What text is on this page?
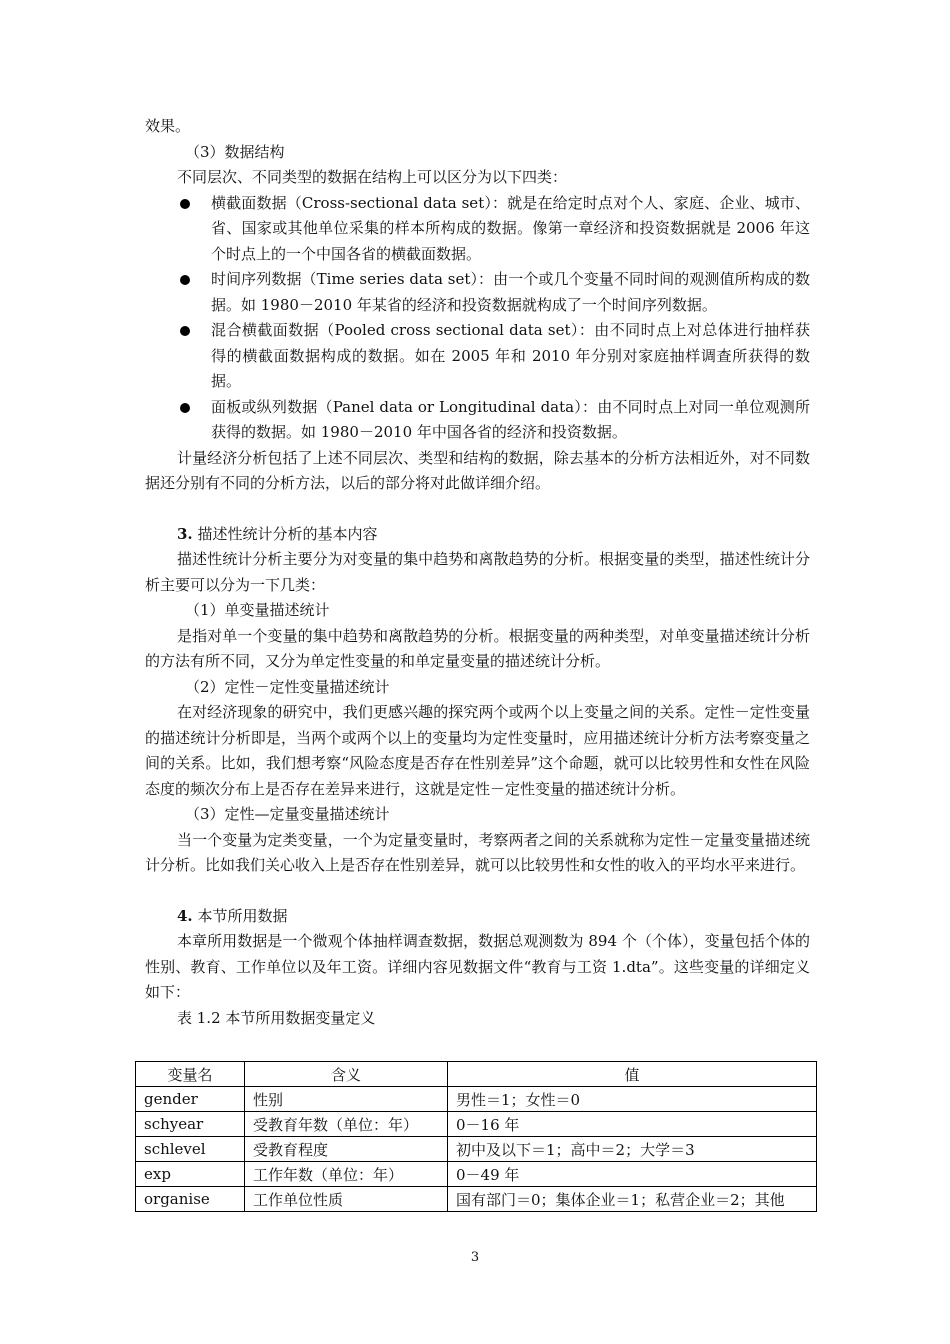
效果。

（3）数据结构

不同层次、不同类型的数据在结构上可以区分为以下四类：

横截面数据（Cross-sectional data set）：就是在给定时点对个人、家庭、企业、城市、省、国家或其他单位采集的样本所构成的数据。像第一章经济和投资数据就是 2006 年这个时点上的一个中国各省的横截面数据。
时间序列数据（Time series data set）：由一个或几个变量不同时间的观测值所构成的数据。如 1980－2010 年某省的经济和投资数据就构成了一个时间序列数据。
混合横截面数据（Pooled cross sectional data set）：由不同时点上对总体进行抽样获得的横截面数据构成的数据。如在 2005 年和 2010 年分别对家庭抽样调查所获得的数据。
面板或纵列数据（Panel data or Longitudinal data）：由不同时点上对同一单位观测所获得的数据。如 1980－2010 年中国各省的经济和投资数据。

计量经济分析包括了上述不同层次、类型和结构的数据，除去基本的分析方法相近外，对不同数据还分别有不同的分析方法，以后的部分将对此做详细介绍。

3. 描述性统计分析的基本内容

描述性统计分析主要分为对变量的集中趋势和离散趋势的分析。根据变量的类型，描述性统计分析主要可以分为一下几类：

（1）单变量描述统计

是指对单一个变量的集中趋势和离散趋势的分析。根据变量的两种类型，对单变量描述统计分析的方法有所不同，又分为单定性变量的和单定量变量的描述统计分析。

（2）定性－定性变量描述统计

在对经济现象的研究中，我们更感兴趣的探究两个或两个以上变量之间的关系。定性－定性变量的描述统计分析即是，当两个或两个以上的变量均为定性变量时，应用描述统计分析方法考察变量之间的关系。比如，我们想考察“风险态度是否存在性别差异”这个命题，就可以比较男性和女性在风险态度的频次分布上是否存在差异来进行，这就是定性－定性变量的描述统计分析。

（3）定性—定量变量描述统计

当一个变量为定类变量，一个为定量变量时，考察两者之间的关系就称为定性－定量变量描述统计分析。比如我们关心收入上是否存在性别差异，就可以比较男性和女性的收入的平均水平来进行。

4. 本节所用数据

本章所用数据是一个微观个体抽样调查数据，数据总观测数为 894 个（个体），变量包括个体的性别、教育、工作单位以及年工资。详细内容见数据文件“教育与工资 1.dta”。这些变量的详细定义如下：

表 1.2 本节所用数据变量定义

变量名	含义	值
gender	性别	男性＝1；女性＝0
schyear	受教育年数（单位：年）	0－16 年
schlevel	受教育程度	初中及以下＝1；高中＝2；大学＝3
exp	工作年数（单位：年）	0－49 年
organise	工作单位性质	国有部门＝0；集体企业＝1；私营企业＝2；其他
3
